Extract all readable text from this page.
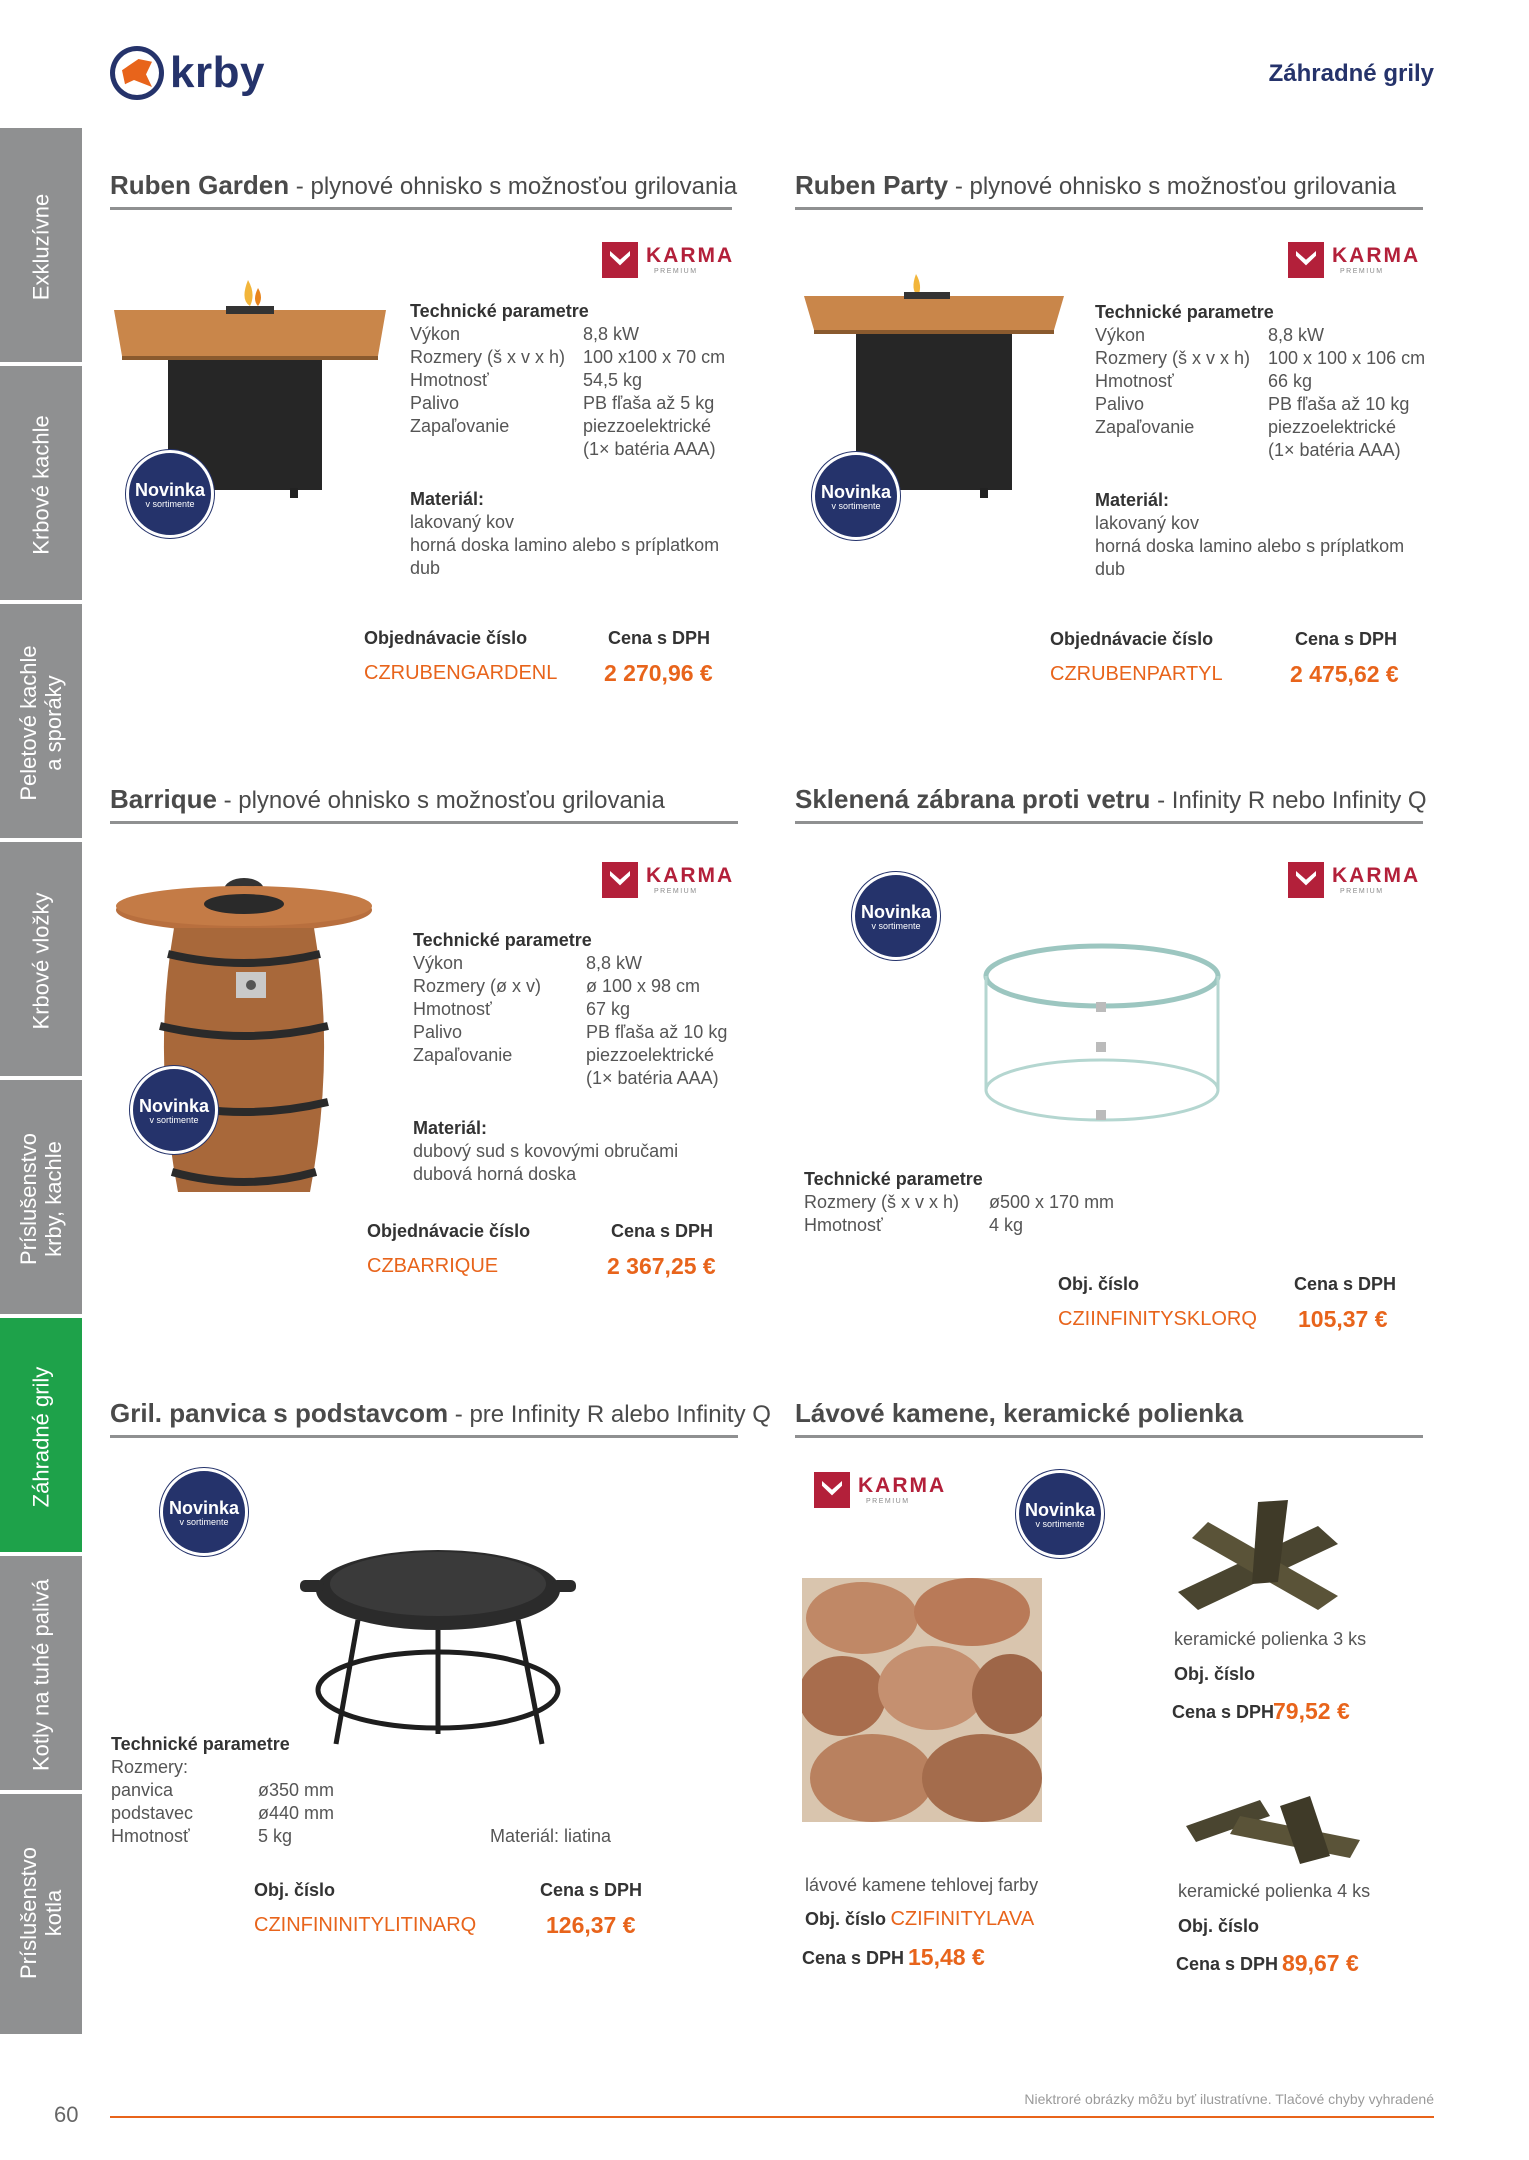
Exkluzívne
Krbové kachle
Peletové kachle
a sporáky
Krbové vložky
Príslušenstvo
krby, kachle
Záhradné grily
Kotly na tuhé palivá
Príslušenstvo
kotla
krby	Záhradné grily
Ruben Garden - plynové ohnisko s možnosťou grilovania
KARMA
PREMIUM
Novinka
v sortimente
Technické parametre
Výkon	8,8 kW
Rozmery (š x v x h)	100 x100 x 70 cm
Hmotnosť	54,5 kg
Palivo	PB fľaša až 5 kg
Zapaľovanie	piezzoelektrické
	(1× batéria AAA)
Materiál:
lakovaný kov
horná doska lamino alebo s príplatkom
dub
Objednávacie číslo	Cena s DPH
CZRUBENGARDENL 2 270,96 €
Ruben Party - plynové ohnisko s možnosťou grilovania
KARMA
PREMIUM
Novinka
v sortimente
Technické parametre
Výkon	8,8 kW
Rozmery (š x v x h)	100 x 100 x 106 cm
Hmotnosť	66 kg
Palivo	PB fľaša až 10 kg
Zapaľovanie	piezzoelektrické
	(1× batéria AAA)
Materiál:
lakovaný kov
horná doska lamino alebo s príplatkom
dub
Objednávacie číslo	Cena s DPH
CZRUBENPARTYL	2 475,62 €
Barrique - plynové ohnisko s možnosťou grilovania
KARMA
PREMIUM
Novinka
v sortimente
Technické parametre
Výkon	8,8 kW
Rozmery (ø x v)	ø 100 x 98 cm
Hmotnosť	67 kg
Palivo	PB fľaša až 10 kg
Zapaľovanie	piezzoelektrické
	(1× batéria AAA)
Materiál:
dubový sud s kovovými obručami
dubová horná doska
Objednávacie číslo	Cena s DPH
CZBARRIQUE	2 367,25 €
Sklenená zábrana proti vetru - Infinity R nebo Infinity Q
KARMA
PREMIUM
Novinka
v sortimente
Technické parametre
Rozmery (š x v x h)	ø500 x 170 mm
Hmotnosť	4 kg
Obj. číslo	Cena s DPH
CZIINFINITYSKLORQ 105,37 €
Gril. panvica s podstavcom - pre Infinity R alebo Infinity Q
Novinka
v sortimente
Technické parametre
Rozmery:	
panvica	ø350 mm
podstavec	ø440 mm
Hmotnosť	5 kg	Materiál: liatina
Obj. číslo	Cena s DPH
CZINFININITYLITINARQ	126,37 €
Lávové kamene, keramické polienka
KARMA
PREMIUM	Novinka
v sortimente
keramické polienka 3 ks
Obj. číslo
Cena s DPH
79,52 €
keramické polienka 4 ks
Obj. číslo
Cena s DPH 89,67 €
lávové kamene tehlovej farby
Obj. číslo CZIFINITYLAVA
Cena s DPH 15,48 €
Niektroré obrázky môžu byť ilustratívne. Tlačové chyby vyhradené
60
